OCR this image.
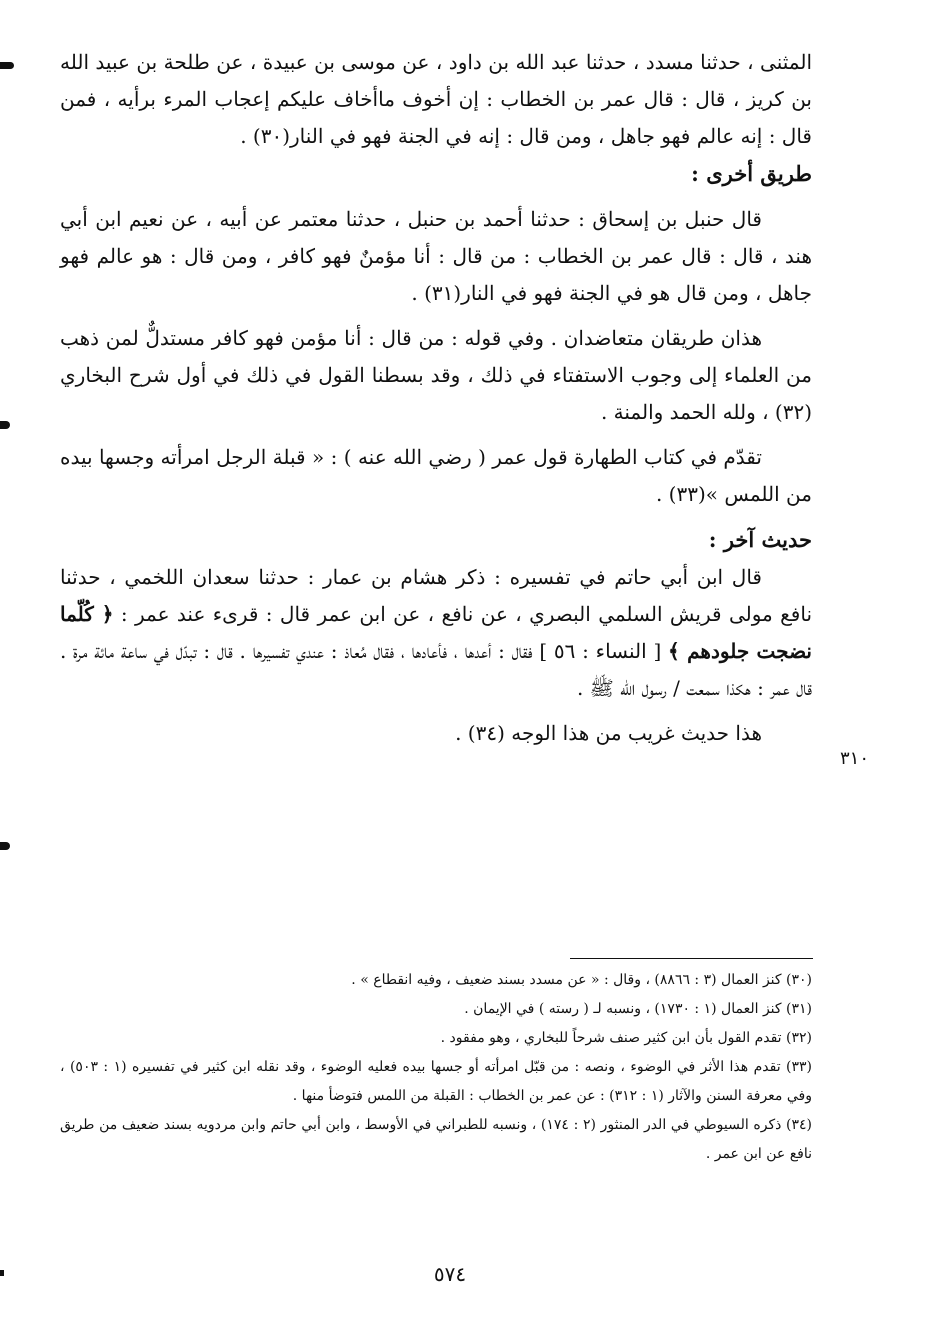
المثنى ، حدثنا مسدد ، حدثنا عبد الله بن داود ، عن موسى بن عبيدة ، عن طلحة بن عبيد الله بن كريز ، قال : قال عمر بن الخطاب : إن أخوف ماأخاف عليكم إعجاب المرء برأيه ، فمن قال : إنه عالم فهو جاهل ، ومن قال : إنه في الجنة فهو في النار(٣٠) .

طريق أخرى :

قال حنبل بن إسحاق : حدثنا أحمد بن حنبل ، حدثنا معتمر عن أبيه ، عن نعيم ابن أبي هند ، قال : قال عمر بن الخطاب : من قال : أنا مؤمنٌ فهو كافر ، ومن قال : هو عالم فهو جاهل ، ومن قال هو في الجنة فهو في النار(٣١) .

هذان طريقان متعاضدان . وفي قوله : من قال : أنا مؤمن فهو كافر مستدلٌّ لمن ذهب من العلماء إلى وجوب الاستفتاء في ذلك ، وقد بسطنا القول في ذلك في أول شرح البخاري (٣٢) ، ولله الحمد والمنة .

تقدّم في كتاب الطهارة قول عمر ( رضي الله عنه ) : « قبلة الرجل امرأته وجسها بيده من اللمس »(٣٣) .

حديث آخر :

قال ابن أبي حاتم في تفسيره : ذكر هشام بن عمار : حدثنا سعدان اللخمي ، حدثنا نافع مولى قريش السلمي البصري ، عن نافع ، عن ابن عمر قال : قرىء عند عمر : ﴿ كُلّما نضجت جلودهم ﴾ [ النساء : ٥٦ ] فقال : أعدها ، فأعادها ، فقال مُعاذ : عندي تفسيرها . قال : تبدّل في ساعة مائة مرة . قال عمر : هكذا سمعت / رسول الله ﷺ .

هذا حديث غريب من هذا الوجه (٣٤) .

٣١٠

(٣٠) كنز العمال (٣ : ٨٨٦٦) ، وقال : « عن مسدد بسند ضعيف ، وفيه انقطاع » .

(٣١) كنز العمال (١ : ١٧٣٠) ، ونسبه لـ ( رسته ) في الإيمان .

(٣٢) تقدم القول بأن ابن كثير صنف شرحاً للبخاري ، وهو مفقود .

(٣٣) تقدم هذا الأثر في الوضوء ، ونصه : من قبّل امرأته أو جسها بيده فعليه الوضوء ، وقد نقله ابن كثير في تفسيره (١ : ٥٠٣) ، وفي معرفة السنن والآثار (١ : ٣١٢) : عن عمر بن الخطاب : القبلة من اللمس فتوضأ منها .

(٣٤) ذكره السيوطي في الدر المنثور (٢ : ١٧٤) ، ونسبه للطبراني في الأوسط ، وابن أبي حاتم وابن مردويه بسند ضعيف من طريق نافع عن ابن عمر .

٥٧٤
